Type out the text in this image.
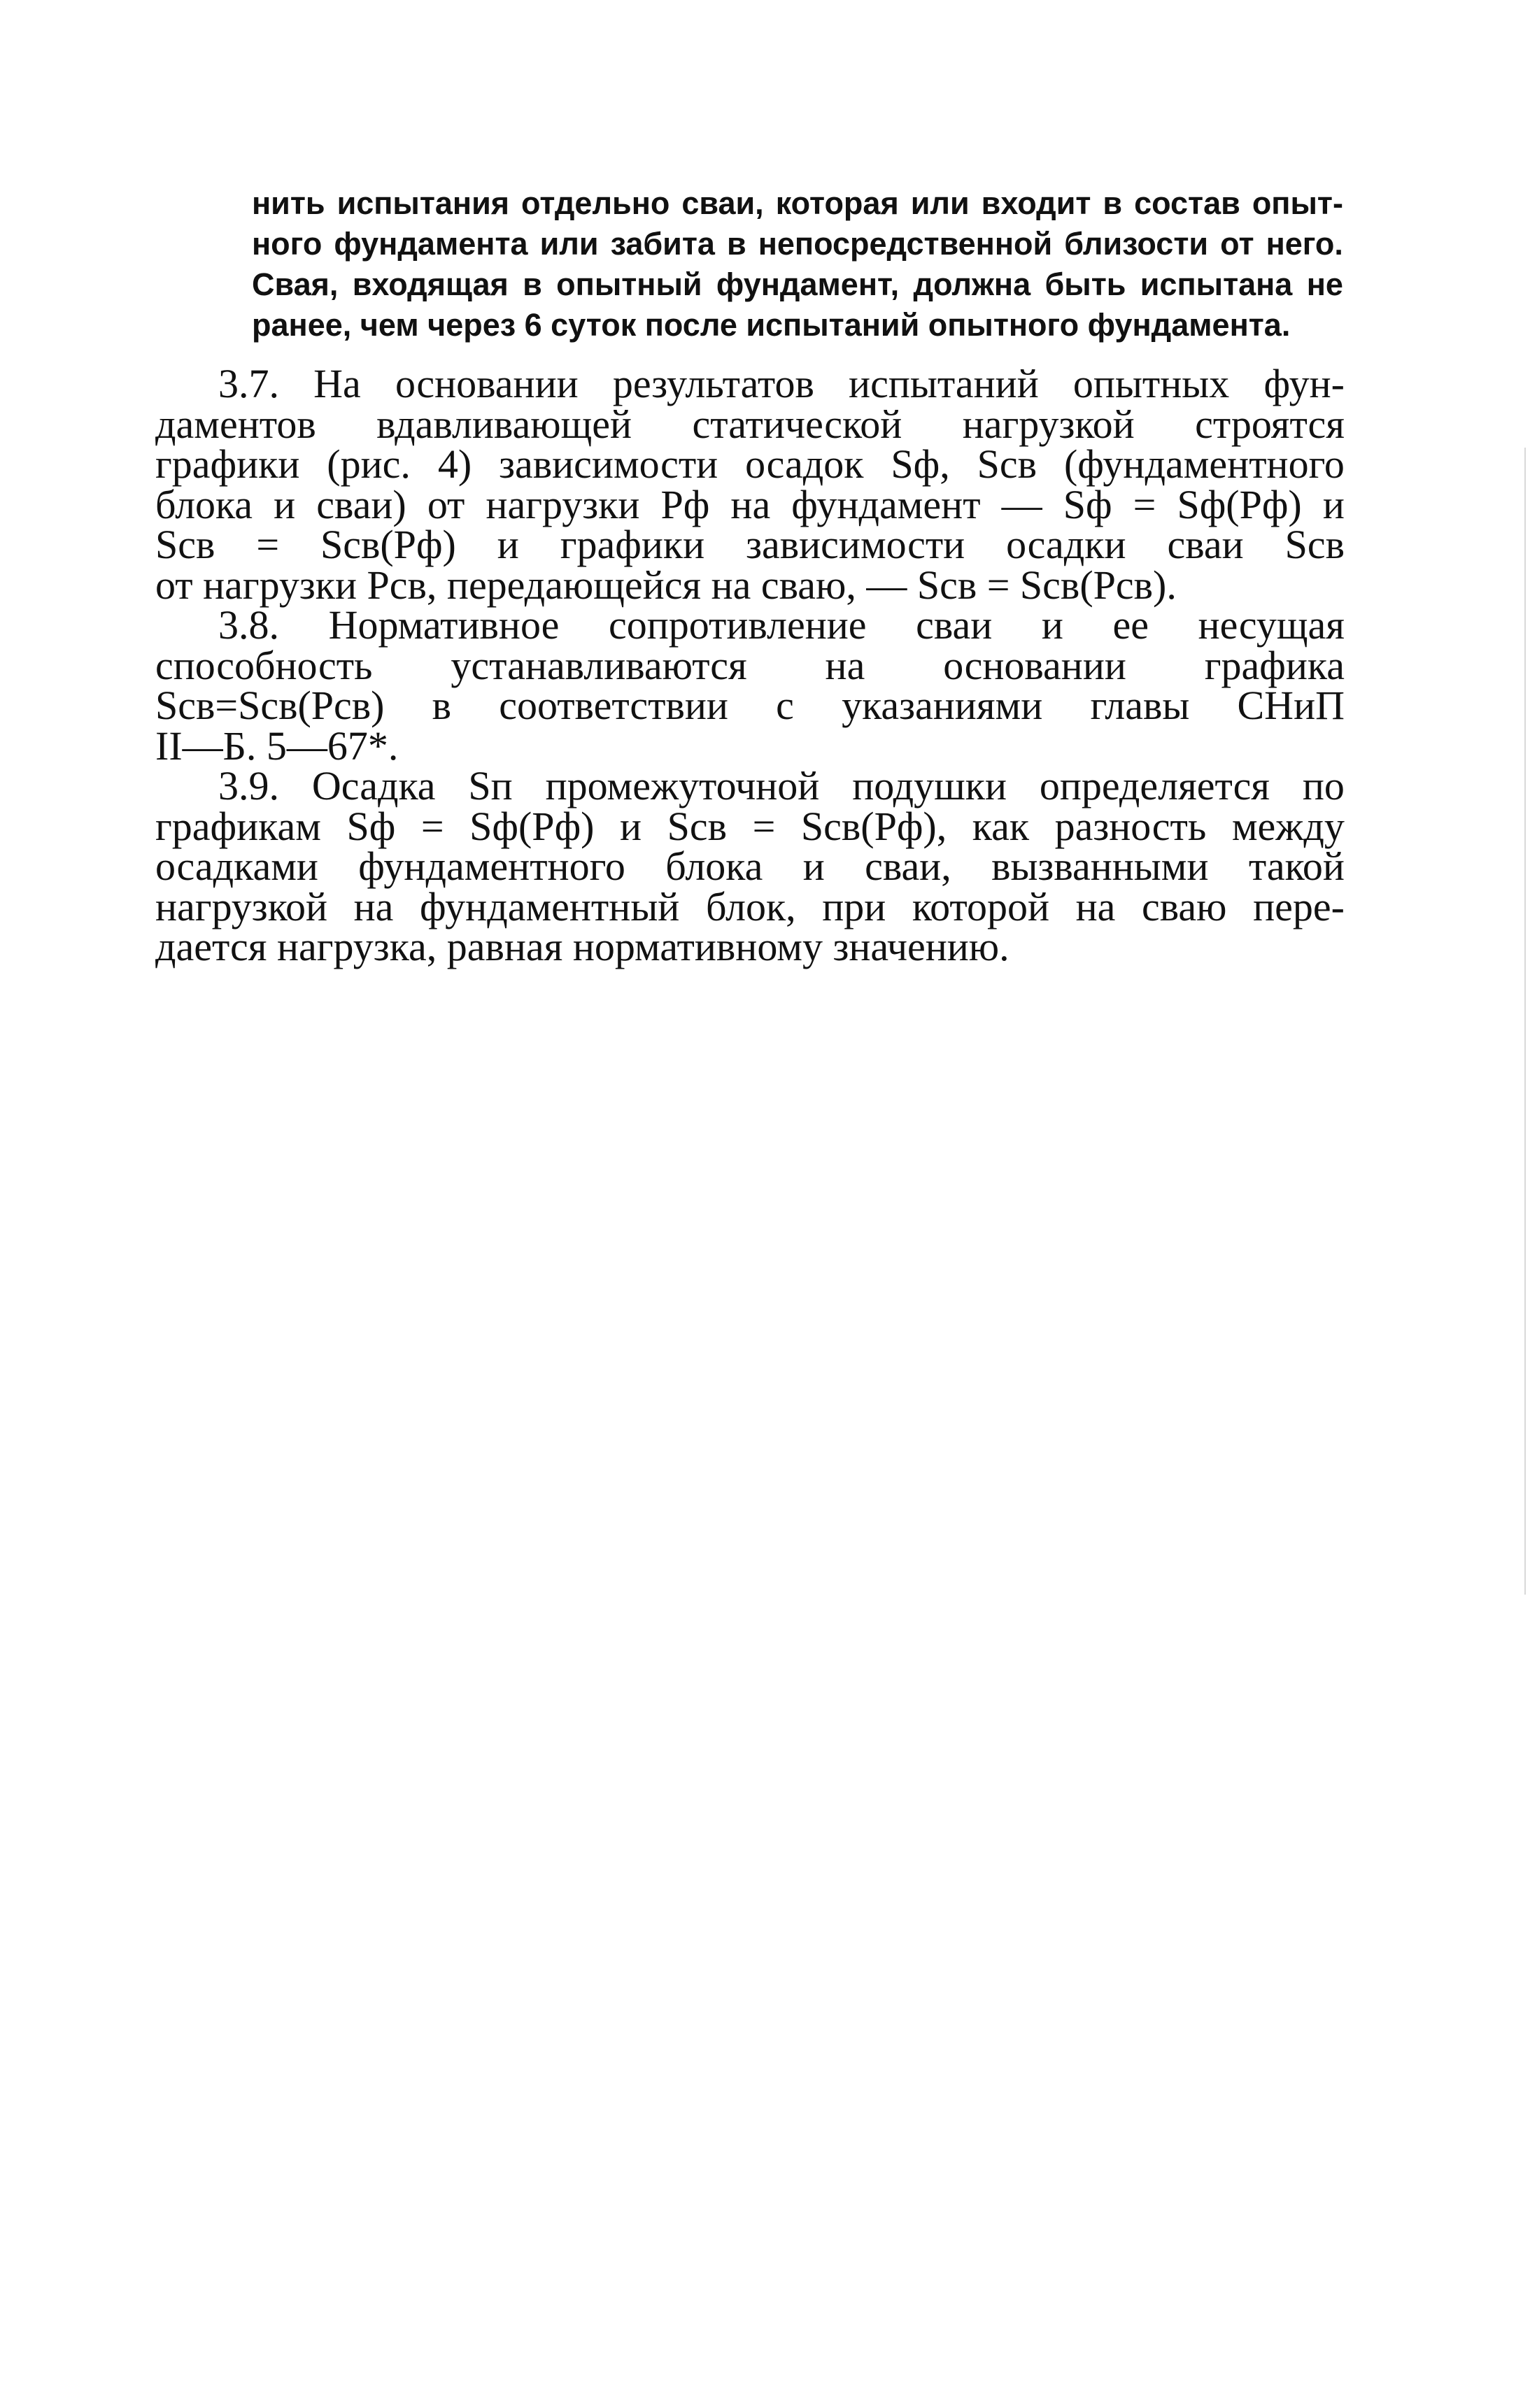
нить испытания отдельно сваи, которая или входит в состав опыт-
ного фундамента или забита в непосредственной близости от него.
Свая, входящая в опытный фундамент, должна быть испытана не
ранее, чем через 6 суток после испытаний опытного фундамента.
3.7. На основании результатов испытаний опытных фун-
даментов вдавливающей статической нагрузкой строятся
графики (рис. 4) зависимости осадок Sф, Sсв (фундаментного
блока и сваи) от нагрузки Pф на фундамент — Sф = Sф(Pф) и
Sсв = Sсв(Pф) и графики зависимости осадки сваи Sсв
от нагрузки Pсв, передающейся на сваю, — Sсв = Sсв(Pсв).
3.8. Нормативное сопротивление сваи и ее несущая
способность устанавливаются на основании графика
Sсв=Sсв(Pсв) в соответствии с указаниями главы СНиП
II—Б. 5—67*.
3.9. Осадка Sп промежуточной подушки определяется по
графикам Sф = Sф(Pф) и Sсв = Sсв(Pф), как разность между
осадками фундаментного блока и сваи, вызванными такой
нагрузкой на фундаментный блок, при которой на сваю пере-
дается нагрузка, равная нормативному значению.
